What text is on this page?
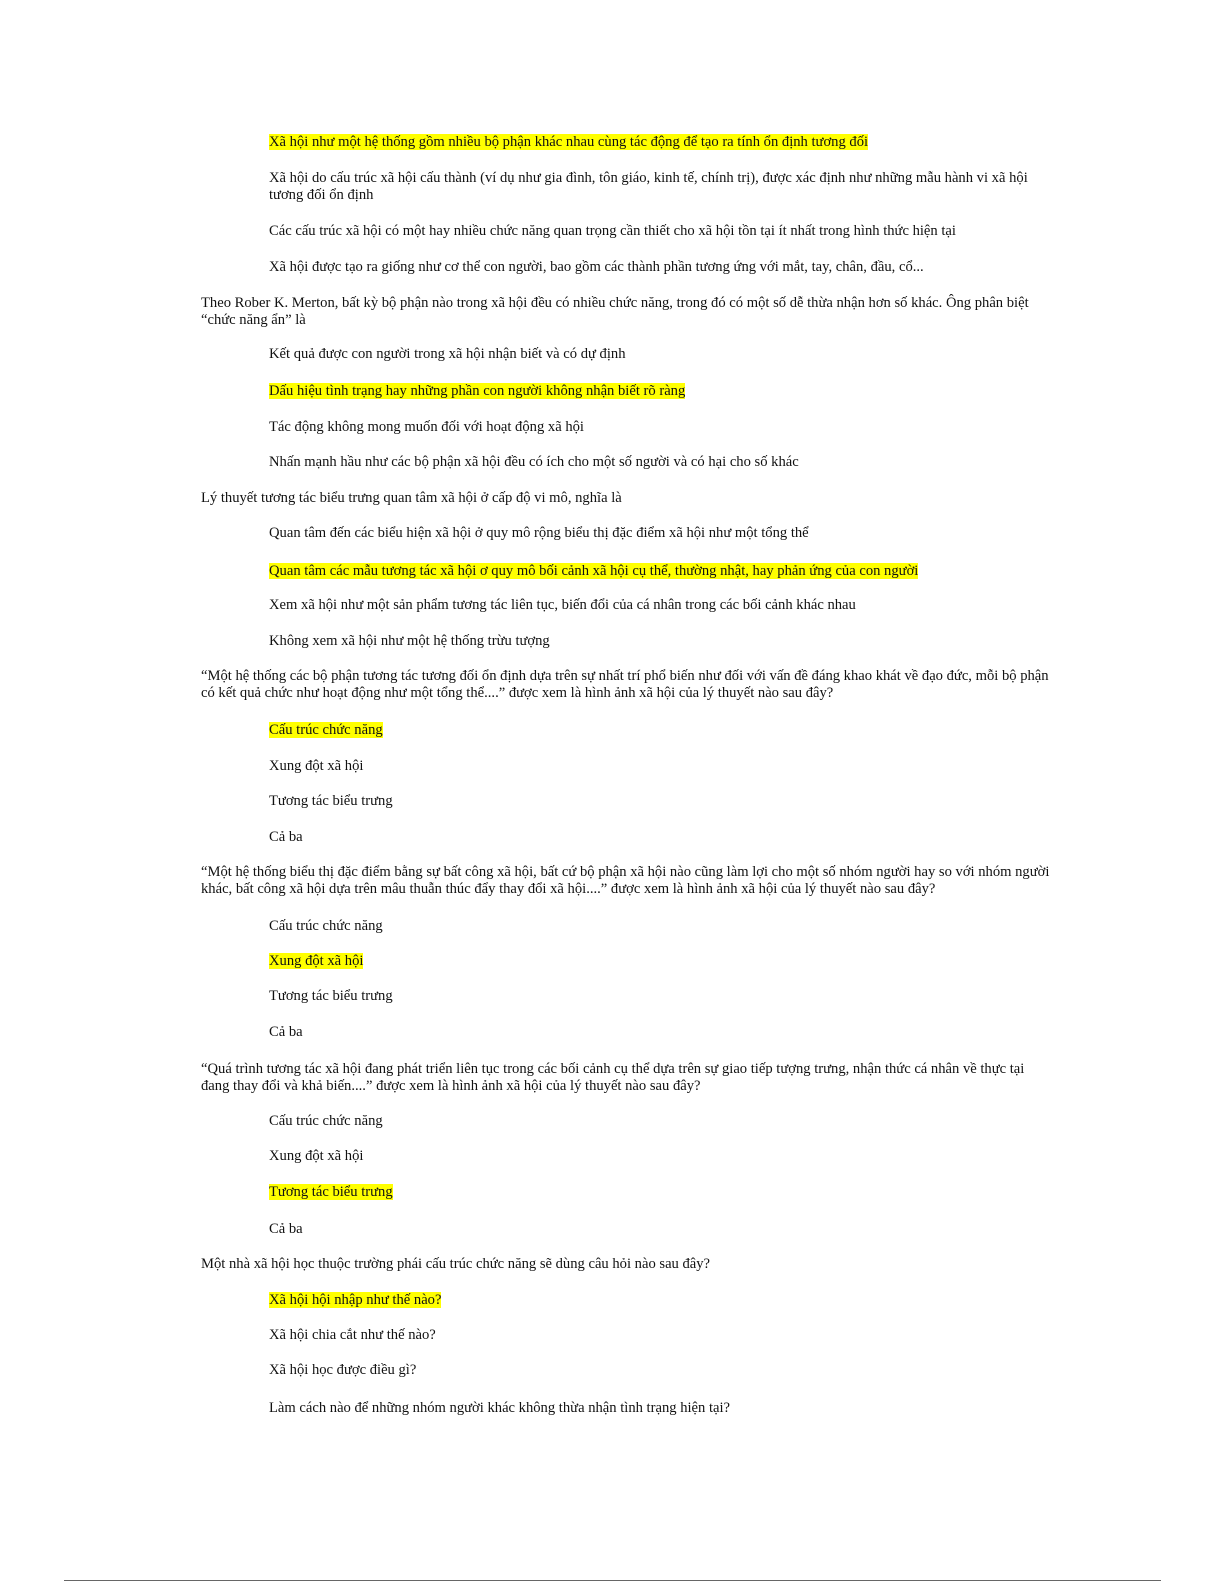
Xã hội như một hệ thống gồm nhiều bộ phận khác nhau cùng tác động để tạo ra tính ổn định tương đối
Xã hội do cấu trúc xã hội cấu thành (ví dụ như gia đình, tôn giáo, kinh tế, chính trị), được xác định như những mẫu hành vi xã hội tương đối ổn định
Các cấu trúc xã hội có một hay nhiều chức năng quan trọng cần thiết cho xã hội tồn tại ít nhất trong hình thức hiện tại
Xã hội được tạo ra giống như cơ thể con người, bao gồm các thành phần tương ứng với mắt, tay, chân, đầu, cổ...
Theo Rober K. Merton, bất kỳ bộ phận nào trong xã hội đều có nhiều chức năng, trong đó có một số dễ thừa nhận hơn số khác. Ông phân biệt “chức năng ẩn” là
Kết quả được con người trong xã hội nhận biết và có dự định
Dấu hiệu tình trạng hay những phần con người không nhận biết rõ ràng
Tác động không mong muốn đối với hoạt động xã hội
Nhấn mạnh hầu như các bộ phận xã hội đều có ích cho một số người và có hại cho số khác
Lý thuyết tương tác biểu trưng quan tâm xã hội ở cấp độ vi mô, nghĩa là
Quan tâm đến các biểu hiện xã hội ở quy mô rộng biểu thị đặc điểm xã hội như một tổng thể
Quan tâm các mẫu tương tác xã hội ơ quy mô bối cảnh xã hội cụ thể, thường nhật, hay phản ứng của con người
Xem xã hội như một sản phẩm tương tác liên tục, biến đổi của cá nhân trong các bối cảnh khác nhau
Không xem xã hội như một hệ thống trừu tượng
“Một hệ thống các bộ phận tương tác tương đối ổn định dựa trên sự nhất trí phổ biến như đối với vấn đề đáng khao khát về đạo đức, mỗi bộ phận có kết quả chức như hoạt động như một tổng thể....” được xem là hình ảnh xã hội của lý thuyết nào sau đây?
Cấu trúc chức năng
Xung đột xã hội
Tương tác biểu trưng
Cả ba
“Một hệ thống biểu thị đặc điểm bằng sự bất công xã hội, bất cứ bộ phận xã hội nào cũng làm lợi cho một số nhóm người hay so với nhóm người khác, bất công xã hội dựa trên mâu thuẫn thúc đẩy thay đổi xã hội....” được xem là hình ảnh xã hội của lý thuyết nào sau đây?
Cấu trúc chức năng
Xung đột xã hội
Tương tác biểu trưng
Cả ba
“Quá trình tương tác xã hội đang phát triển liên tục trong các bối cảnh cụ thể dựa trên sự giao tiếp tượng trưng, nhận thức cá nhân về thực tại đang thay đổi và khả biến....” được xem là hình ảnh xã hội của lý thuyết nào sau đây?
Cấu trúc chức năng
Xung đột xã hội
Tương tác biểu trưng
Cả ba
Một nhà xã hội học thuộc trường phái cấu trúc chức năng sẽ dùng câu hỏi nào sau đây?
Xã hội hội nhập như thế nào?
Xã hội chia cắt như thế nào?
Xã hội học được điều gì?
Làm cách nào để những nhóm người khác không thừa nhận tình trạng hiện tại?
